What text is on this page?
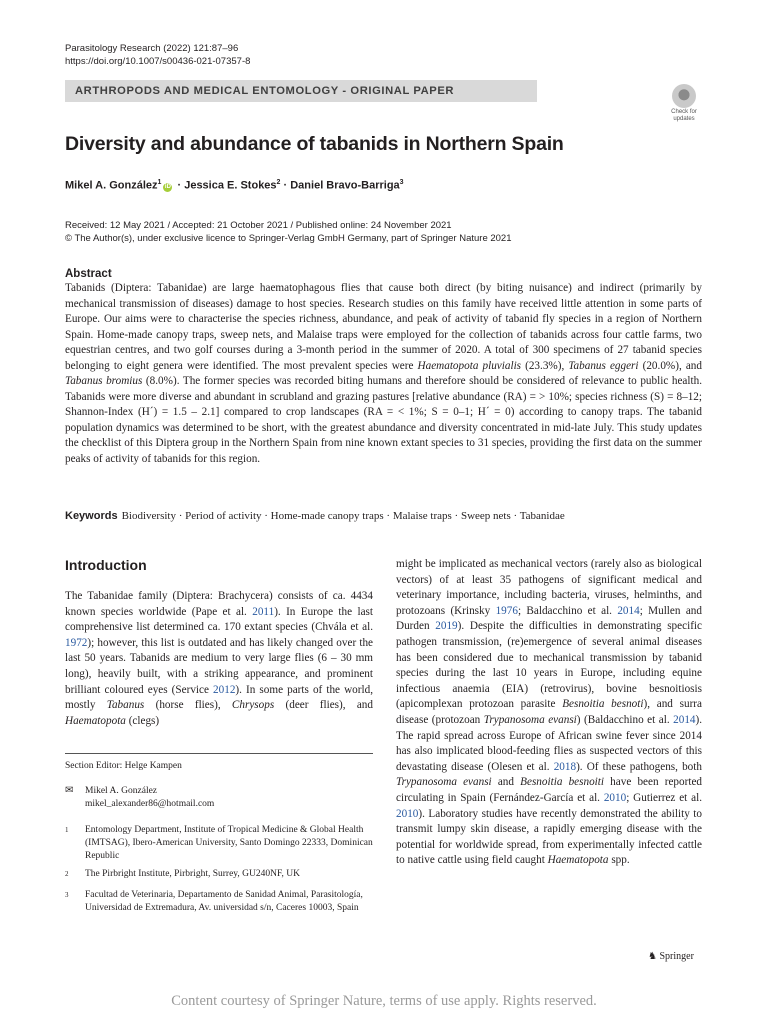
Parasitology Research (2022) 121:87–96
https://doi.org/10.1007/s00436-021-07357-8
ARTHROPODS AND MEDICAL ENTOMOLOGY - ORIGINAL PAPER
Check for
updates
Diversity and abundance of tabanids in Northern Spain
Mikel A. González$^1$iD · Jessica E. Stokes$^2$ · Daniel Bravo-Barriga$^3$
Received: 12 May 2021 / Accepted: 21 October 2021 / Published online: 24 November 2021
© The Author(s), under exclusive licence to Springer-Verlag GmbH Germany, part of Springer Nature 2021
Abstract

Tabanids (Diptera: Tabanidae) are large haematophagous flies that cause both direct (by biting nuisance) and indirect (primarily by mechanical transmission of diseases) damage to host species. Research studies on this family have received little attention in some parts of Europe. Our aims were to characterise the species richness, abundance, and peak of activity of tabanid fly species in a region of Northern Spain. Home-made canopy traps, sweep nets, and Malaise traps were employed for the collection of tabanids across four cattle farms, two equestrian centres, and two golf courses during a 3-month period in the summer of 2020. A total of 300 specimens of 27 tabanid species belonging to eight genera were identified. The most prevalent species were Haematopota pluvialis (23.3%), Tabanus eggeri (20.0%), and Tabanus bromius (8.0%). The former species was recorded biting humans and therefore should be considered of relevance to public health. Tabanids were more diverse and abundant in scrubland and grazing pastures [relative abundance (RA) = > 10%; species richness (S) = 8–12; Shannon-Index (H´) = 1.5 – 2.1] compared to crop landscapes (RA = < 1%; S = 0–1; H´ = 0) according to canopy traps. The tabanid population dynamics was determined to be short, with the greatest abundance and diversity concentrated in mid-late July. This study updates the checklist of this Diptera group in the Northern Spain from nine known extant species to 31 species, providing the first data on the summer peaks of activity of tabanids for this region.

Keywords Biodiversity · Period of activity · Home-made canopy traps · Malaise traps · Sweep nets · Tabanidae
Introduction

The Tabanidae family (Diptera: Brachycera) consists of ca. 4434 known species worldwide (Pape et al. 2011). In Europe the last comprehensive list determined ca. 170 extant species (Chvála et al. 1972); however, this list is outdated and has likely changed over the last 50 years. Tabanids are medium to very large flies (6 – 30 mm long), heavily built, with a striking appearance, and prominent brilliant coloured eyes (Service 2012). In some parts of the world, mostly Tabanus (horse flies), Chrysops (deer flies), and Haematopota (clegs)

might be implicated as mechanical vectors (rarely also as biological vectors) of at least 35 pathogens of significant medical and veterinary importance, including bacteria, viruses, helminths, and protozoans (Krinsky 1976; Baldacchino et al. 2014; Mullen and Durden 2019). Despite the difficulties in demonstrating specific pathogen transmission, (re)emergence of several animal diseases has been considered due to mechanical transmission by tabanid species during the last 10 years in Europe, including equine infectious anaemia (EIA) (retrovirus), bovine besnoitiosis (apicomplexan protozoan parasite Besnoitia besnoti), and surra disease (protozoan Trypanosoma evansi) (Baldacchino et al. 2014). The rapid spread across Europe of African swine fever since 2014 has also implicated blood-feeding flies as suspected vectors of this devastating disease (Olesen et al. 2018). Of these pathogens, both Trypanosoma evansi and Besnoitia besnoiti have been reported circulating in Spain (Fernández-García et al. 2010; Gutierrez et al. 2010). Laboratory studies have recently demonstrated the ability to transmit lumpy skin disease, a rapidly emerging disease with the potential for worldwide spread, from experimentally infected cattle to native cattle using field caught Haematopota spp.

Section Editor: Helge Kampen
✉ Mikel A. González
mikel_alexander86@hotmail.com
1 Entomology Department, Institute of Tropical Medicine & Global Health (IMTSAG), Ibero-American University, Santo Domingo 22333, Dominican Republic
2 The Pirbright Institute, Pirbright, Surrey, GU240NF, UK
3 Facultad de Veterinaria, Departamento de Sanidad Animal, Parasitología, Universidad de Extremadura, Av. universidad s/n, Caceres 10003, Spain
♞ Springer
Content courtesy of Springer Nature, terms of use apply. Rights reserved.
